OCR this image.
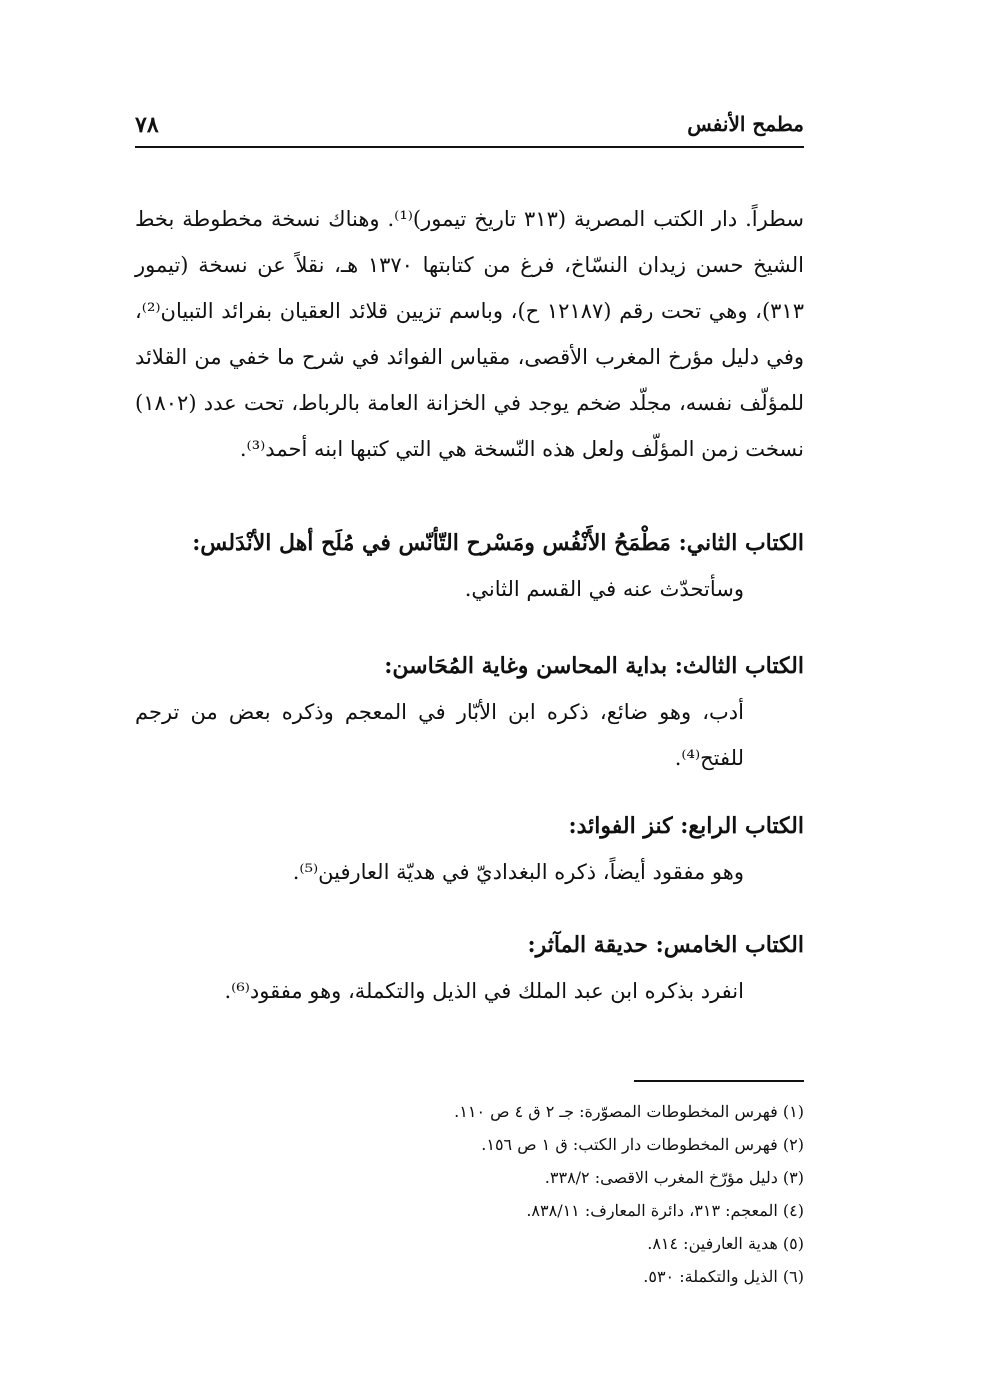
مطمح الأنفس
٧٨

سطراً. دار الكتب المصرية (٣١٣ تاريخ تيمور)⁽¹⁾. وهناك نسخة مخطوطة بخط الشيخ حسن زيدان النسّاخ، فرغ من كتابتها ١٣٧٠ هـ، نقلاً عن نسخة (تيمور ٣١٣)، وهي تحت رقم (١٢١٨٧ ح)، وباسم تزيين قلائد العقيان بفرائد التبيان⁽²⁾، وفي دليل مؤرخ المغرب الأقصى، مقياس الفوائد في شرح ما خفي من القلائد للمؤلّف نفسه، مجلّد ضخم يوجد في الخزانة العامة بالرباط، تحت عدد (١٨٠٢) نسخت زمن المؤلّف ولعل هذه النّسخة هي التي كتبها ابنه أحمد⁽³⁾.

الكتاب الثاني: مَطْمَحُ الأَنْفُس ومَسْرح التّأنّس في مُلَح أهل الأنْدَلس:
وسأتحدّث عنه في القسم الثاني.
الكتاب الثالث: بداية المحاسن وغاية المُحَاسن:
أدب، وهو ضائع، ذكره ابن الأبّار في المعجم وذكره بعض من ترجم للفتح⁽⁴⁾.
الكتاب الرابع: كنز الفوائد:
وهو مفقود أيضاً، ذكره البغداديّ في هديّة العارفين⁽⁵⁾.
الكتاب الخامس: حديقة المآثر:
انفرد بذكره ابن عبد الملك في الذيل والتكملة، وهو مفقود⁽⁶⁾.
(١) فهرس المخطوطات المصوّرة: جـ ٢ ق ٤ ص ١١٠.
(٢) فهرس المخطوطات دار الكتب: ق ١ ص ١٥٦.
(٣) دليل مؤرّخ المغرب الاقصى: ٣٣٨/٢.
(٤) المعجم: ٣١٣، دائرة المعارف: ٨٣٨/١١.
(٥) هدية العارفين: ٨١٤.
(٦) الذيل والتكملة: ٥٣٠.
